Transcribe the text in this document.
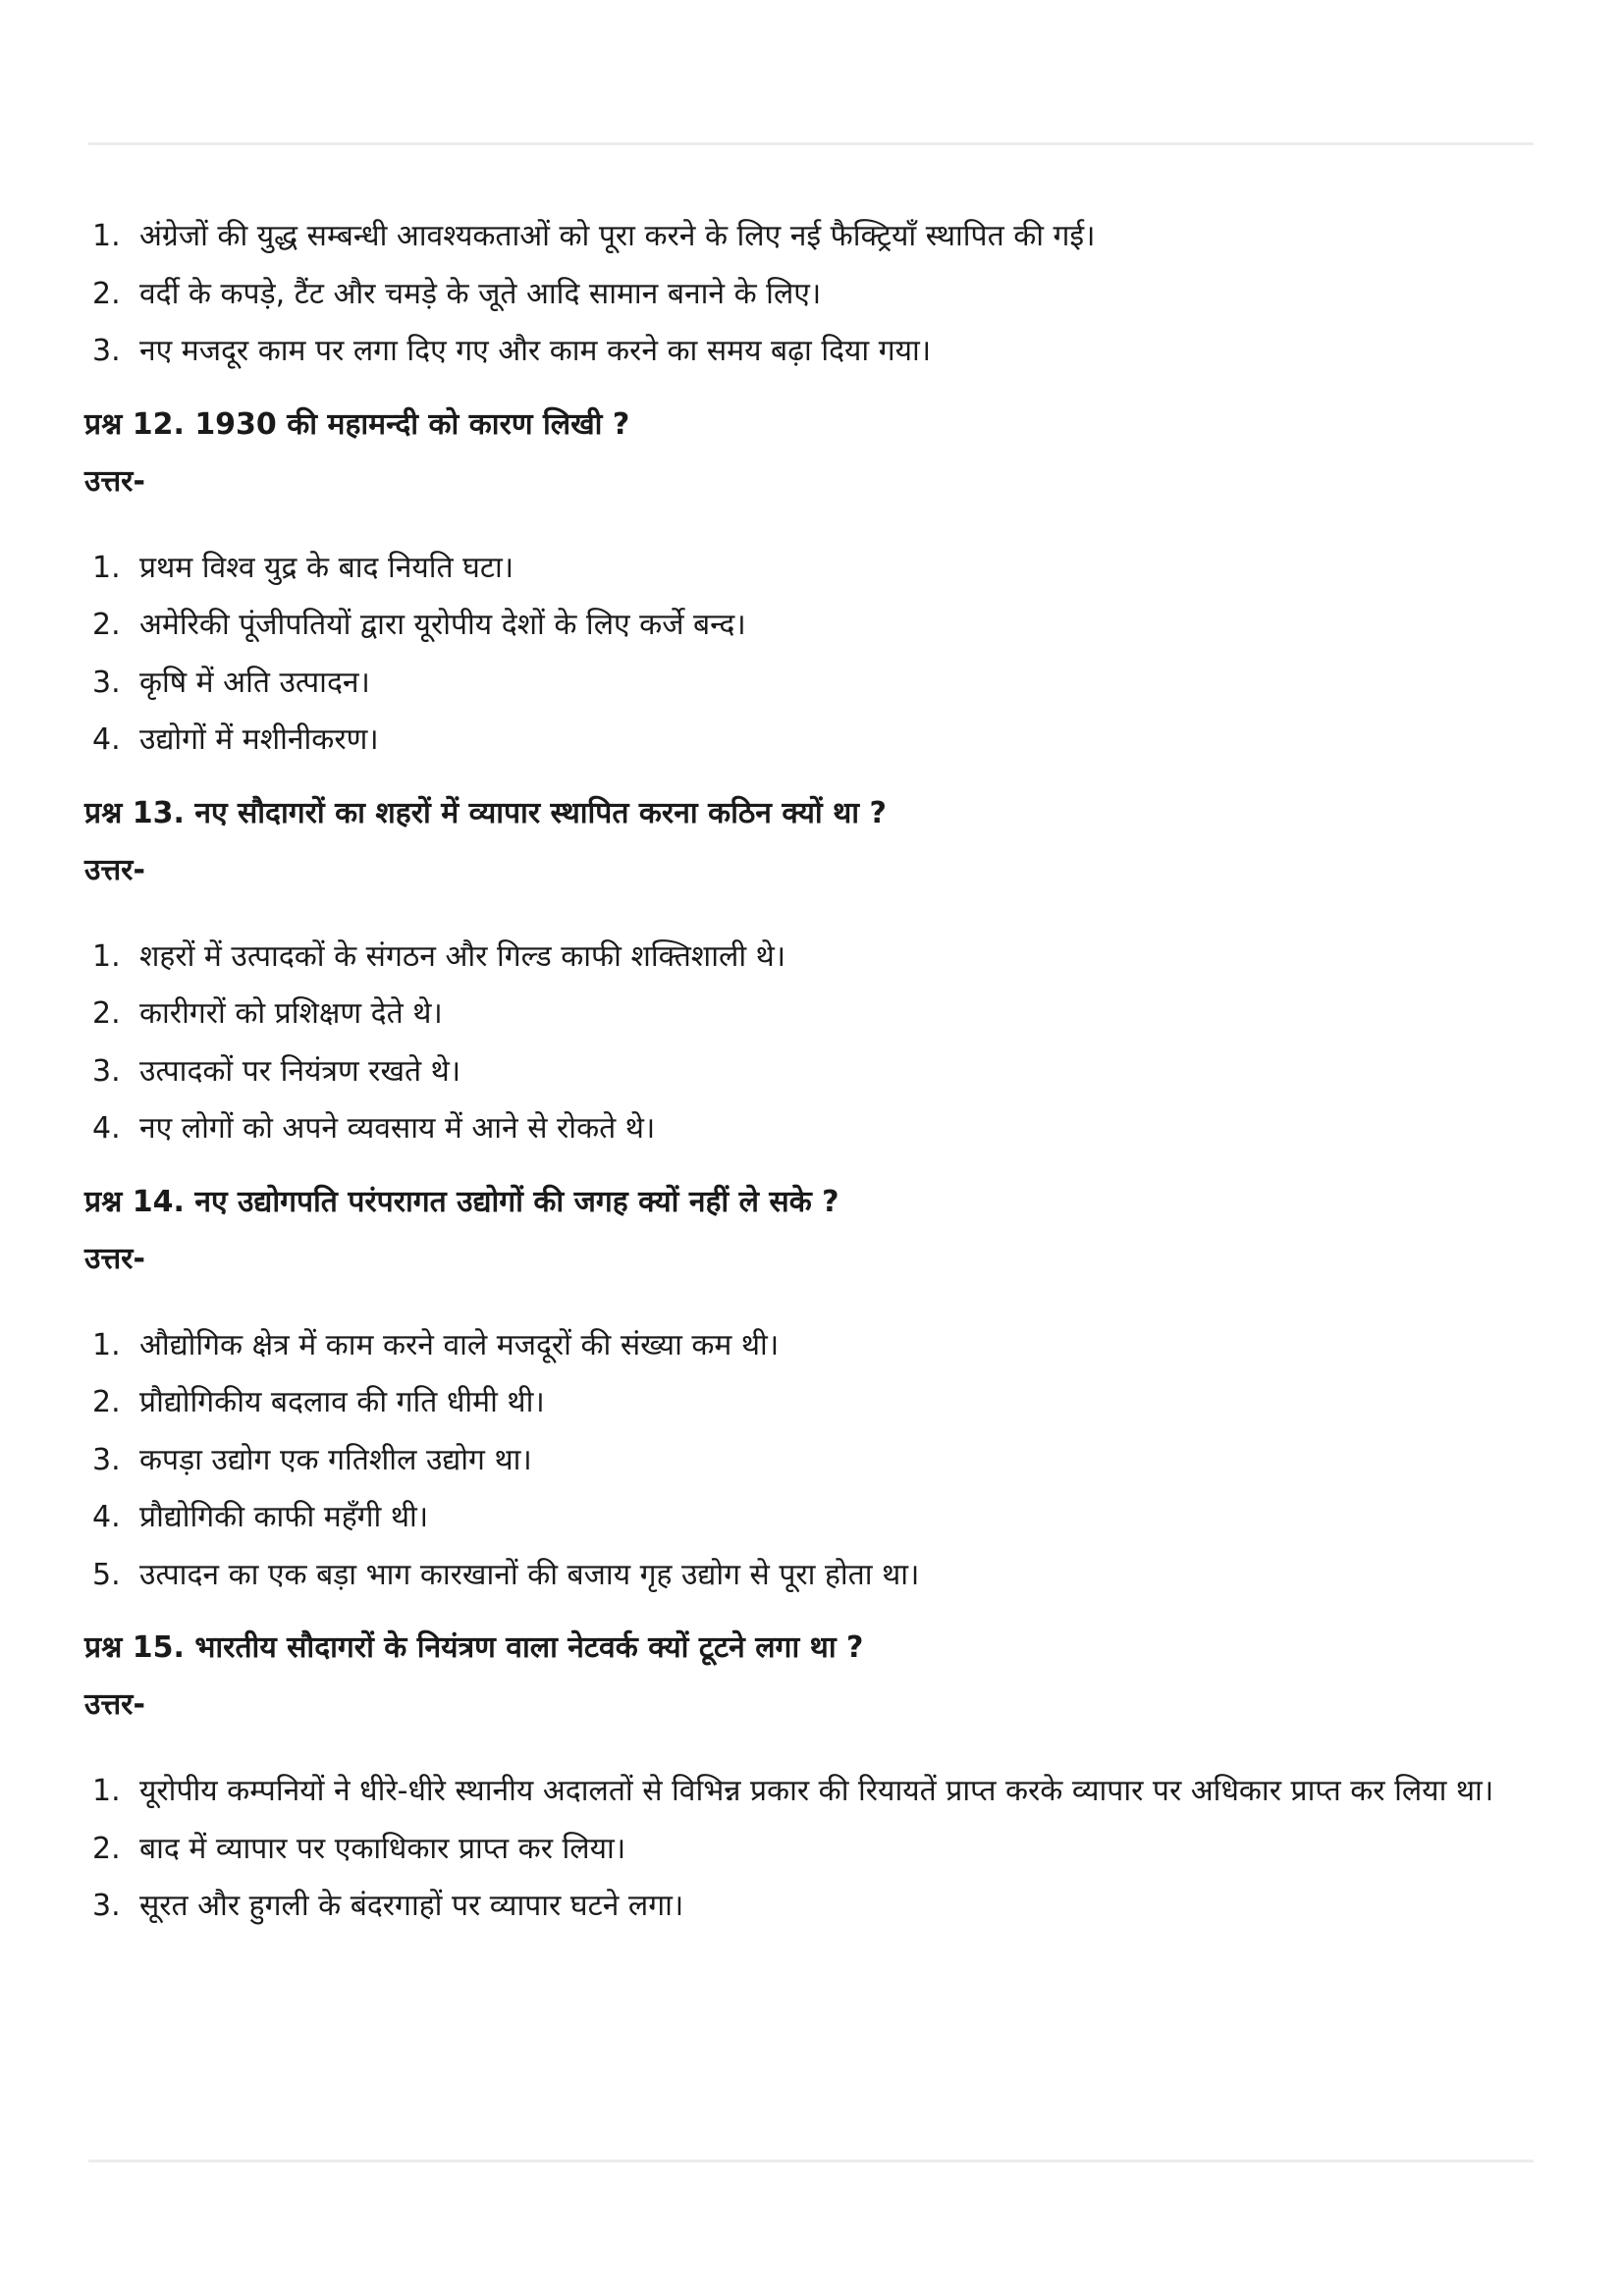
1. अंग्रेजों की युद्ध सम्बन्धी आवश्यकताओं को पूरा करने के लिए नई फैक्ट्रियाँ स्थापित की गई।
2. वर्दी के कपड़े, टैंट और चमड़े के जूते आदि सामान बनाने के लिए।
3. नए मजदूर काम पर लगा दिए गए और काम करने का समय बढ़ा दिया गया।
प्रश्न 12. 1930 की महामन्दी को कारण लिखी ?
उत्तर-
1. प्रथम विश्व युद्र के बाद नियति घटा।
2. अमेरिकी पूंजीपतियों द्वारा यूरोपीय देशों के लिए कर्जे बन्द।
3. कृषि में अति उत्पादन।
4. उद्योगों में मशीनीकरण।
प्रश्न 13. नए सौदागरों का शहरों में व्यापार स्थापित करना कठिन क्यों था ?
उत्तर-
1. शहरों में उत्पादकों के संगठन और गिल्ड काफी शक्तिशाली थे।
2. कारीगरों को प्रशिक्षण देते थे।
3. उत्पादकों पर नियंत्रण रखते थे।
4. नए लोगों को अपने व्यवसाय में आने से रोकते थे।
प्रश्न 14. नए उद्योगपति परंपरागत उद्योगों की जगह क्यों नहीं ले सके ?
उत्तर-
1. औद्योगिक क्षेत्र में काम करने वाले मजदूरों की संख्या कम थी।
2. प्रौद्योगिकीय बदलाव की गति धीमी थी।
3. कपड़ा उद्योग एक गतिशील उद्योग था।
4. प्रौद्योगिकी काफी महँगी थी।
5. उत्पादन का एक बड़ा भाग कारखानों की बजाय गृह उद्योग से पूरा होता था।
प्रश्न 15. भारतीय सौदागरों के नियंत्रण वाला नेटवर्क क्यों टूटने लगा था ?
उत्तर-
1. यूरोपीय कम्पनियों ने धीरे-धीरे स्थानीय अदालतों से विभिन्न प्रकार की रियायतें प्राप्त करके व्यापार पर अधिकार प्राप्त कर लिया था।
2. बाद में व्यापार पर एकाधिकार प्राप्त कर लिया।
3. सूरत और हुगली के बंदरगाहों पर व्यापार घटने लगा।
